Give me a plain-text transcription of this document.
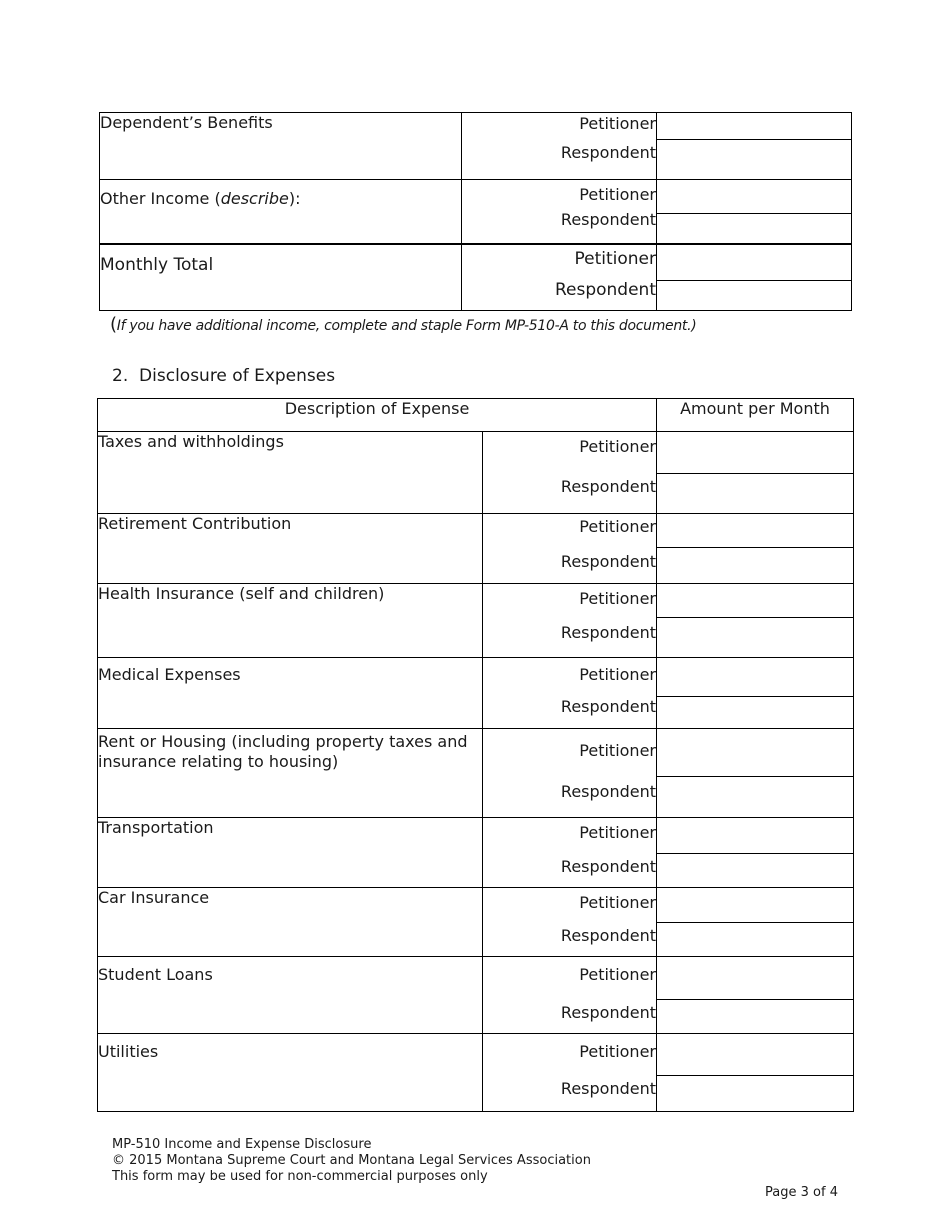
Dependent’s Benefits	Petitioner
Respondent	

Other Income (describe):	Petitioner
Respondent	

Monthly Total	Petitioner
Respondent	

(If you have additional income, complete and staple Form MP-510-A to this document.)
2. Disclosure of Expenses
Description of Expense		Amount per Month
Taxes and withholdings	Petitioner
Respondent	

Retirement Contribution	Petitioner
Respondent	

Health Insurance (self and children)	Petitioner
Respondent	

Medical Expenses	Petitioner
Respondent	

Rent or Housing (including property taxes and insurance relating to housing)	Petitioner
Respondent	

Transportation	Petitioner
Respondent	

Car Insurance	Petitioner
Respondent	

Student Loans	Petitioner
Respondent	

Utilities	Petitioner
Respondent	

MP-510 Income and Expense Disclosure
© 2015 Montana Supreme Court and Montana Legal Services Association
This form may be used for non-commercial purposes only
Page 3 of 4
